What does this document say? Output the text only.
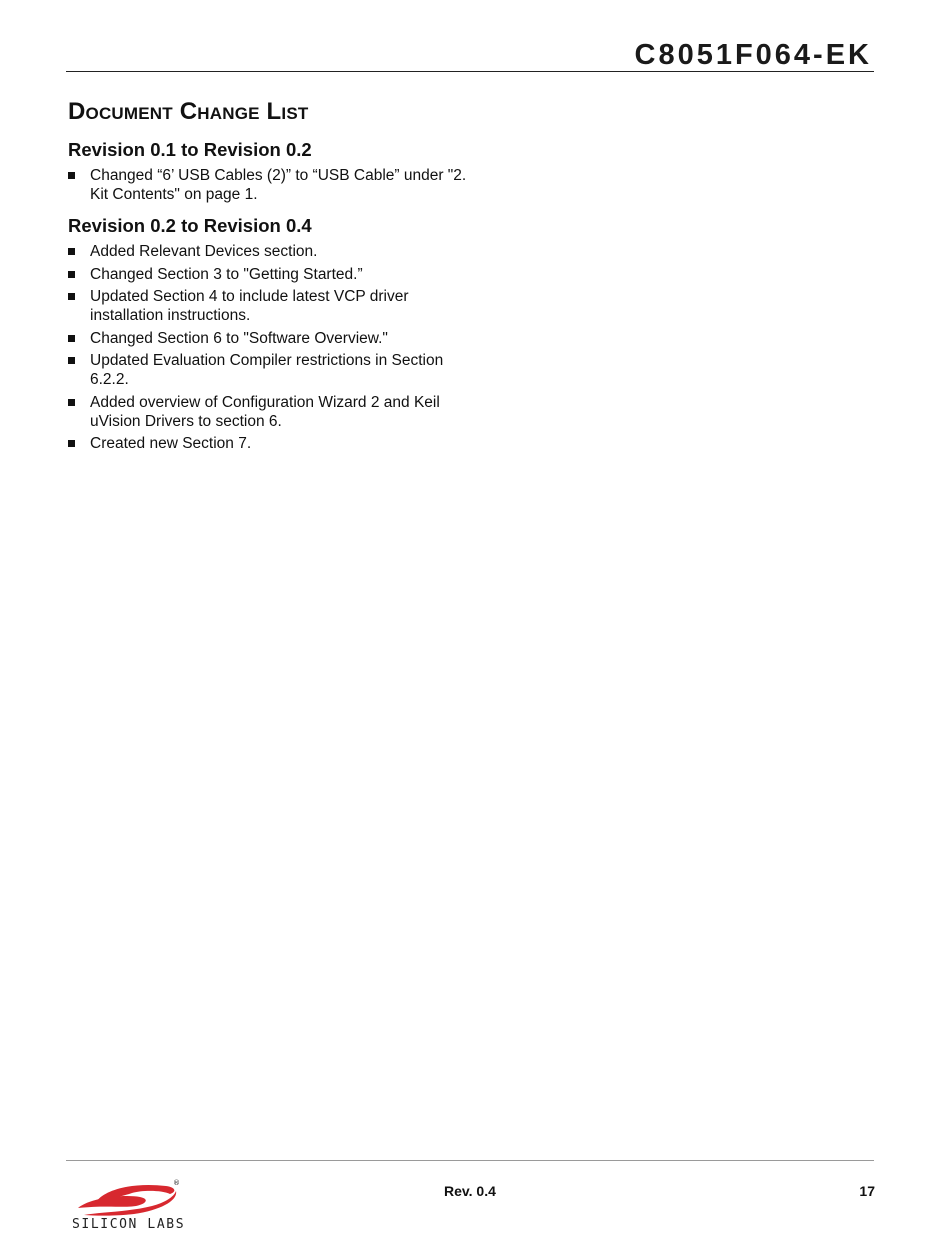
C8051F064-EK
Document Change List
Revision 0.1 to Revision 0.2
Changed “6’ USB Cables (2)” to “USB Cable” under "2. Kit Contents" on page 1.
Revision 0.2 to Revision 0.4
Added Relevant Devices section.
Changed Section 3 to "Getting Started.”
Updated Section 4 to include latest VCP driver installation instructions.
Changed Section 6 to "Software Overview."
Updated Evaluation Compiler restrictions in Section 6.2.2.
Added overview of Configuration Wizard 2 and Keil uVision Drivers to section 6.
Created new Section 7.
®
SILICON LABS
Rev. 0.4	17
